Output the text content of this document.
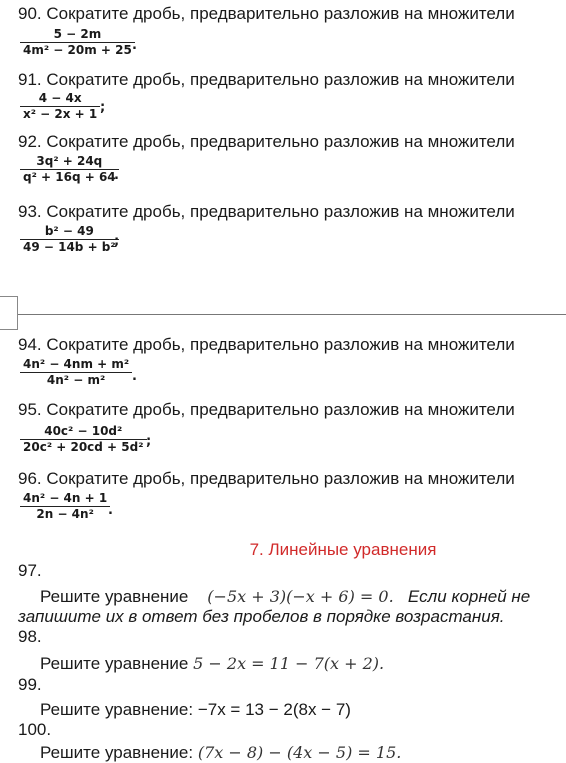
90. Сократите дробь, предварительно разложив на множители
5 − 2m
4m² − 20m + 25 .
91. Сократите дробь, предварительно разложив на множители
4 − 4x
x² − 2x + 1 ;
92. Сократите дробь, предварительно разложив на множители
3q² + 24q
q² + 16q + 64
.
93. Сократите дробь, предварительно разложив на множители
b² − 49
49 − 14b + b²
;
94. Сократите дробь, предварительно разложив на множители
4n² − 4nm + m²
4n² − m² .
95. Сократите дробь, предварительно разложив на множители
40c² − 10d²
20c² + 20cd + 5d² ;
96. Сократите дробь, предварительно разложив на множители
4n² − 4n + 1
2n − 4n² .
7. Линейные уравнения
97.
Решите уравнение (−5x + 3)(−x + 6) = 0. Если корней не
запишите их в ответ без пробелов в порядке возрастания.
98.
Решите уравнение 5 − 2x = 11 − 7(x + 2).
99.
Решите уравнение: −7x = 13 − 2(8x − 7)
100.
Решите уравнение: (7x − 8) − (4x − 5) = 15.
